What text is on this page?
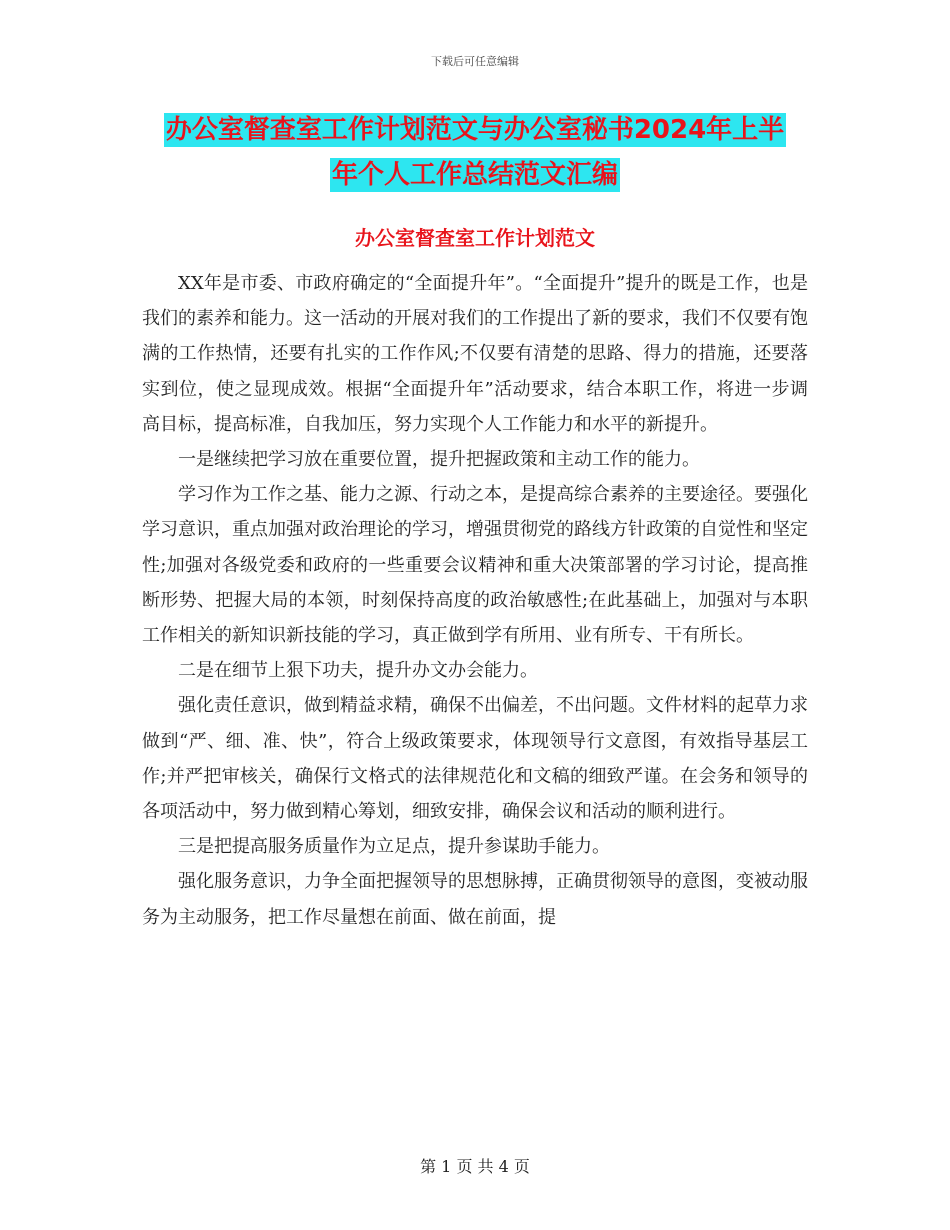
下载后可任意编辑
办公室督查室工作计划范文与办公室秘书2024年上半
年个人工作总结范文汇编
办公室督查室工作计划范文

XX年是市委、市政府确定的“全面提升年”。“全面提升”提升的既是工作，也是我们的素养和能力。这一活动的开展对我们的工作提出了新的要求，我们不仅要有饱满的工作热情，还要有扎实的工作作风;不仅要有清楚的思路、得力的措施，还要落实到位，使之显现成效。根据“全面提升年”活动要求，结合本职工作，将进一步调高目标，提高标准，自我加压，努力实现个人工作能力和水平的新提升。

一是继续把学习放在重要位置，提升把握政策和主动工作的能力。

学习作为工作之基、能力之源、行动之本，是提高综合素养的主要途径。要强化学习意识，重点加强对政治理论的学习，增强贯彻党的路线方针政策的自觉性和坚定性;加强对各级党委和政府的一些重要会议精神和重大决策部署的学习讨论，提高推断形势、把握大局的本领，时刻保持高度的政治敏感性;在此基础上，加强对与本职工作相关的新知识新技能的学习，真正做到学有所用、业有所专、干有所长。

二是在细节上狠下功夫，提升办文办会能力。

强化责任意识，做到精益求精，确保不出偏差，不出问题。文件材料的起草力求做到“严、细、准、快”，符合上级政策要求，体现领导行文意图，有效指导基层工作;并严把审核关，确保行文格式的法律规范化和文稿的细致严谨。在会务和领导的各项活动中，努力做到精心筹划，细致安排，确保会议和活动的顺利进行。

三是把提高服务质量作为立足点，提升参谋助手能力。

强化服务意识，力争全面把握领导的思想脉搏，正确贯彻领导的意图，变被动服务为主动服务，把工作尽量想在前面、做在前面，提

第 1 页 共 4 页
